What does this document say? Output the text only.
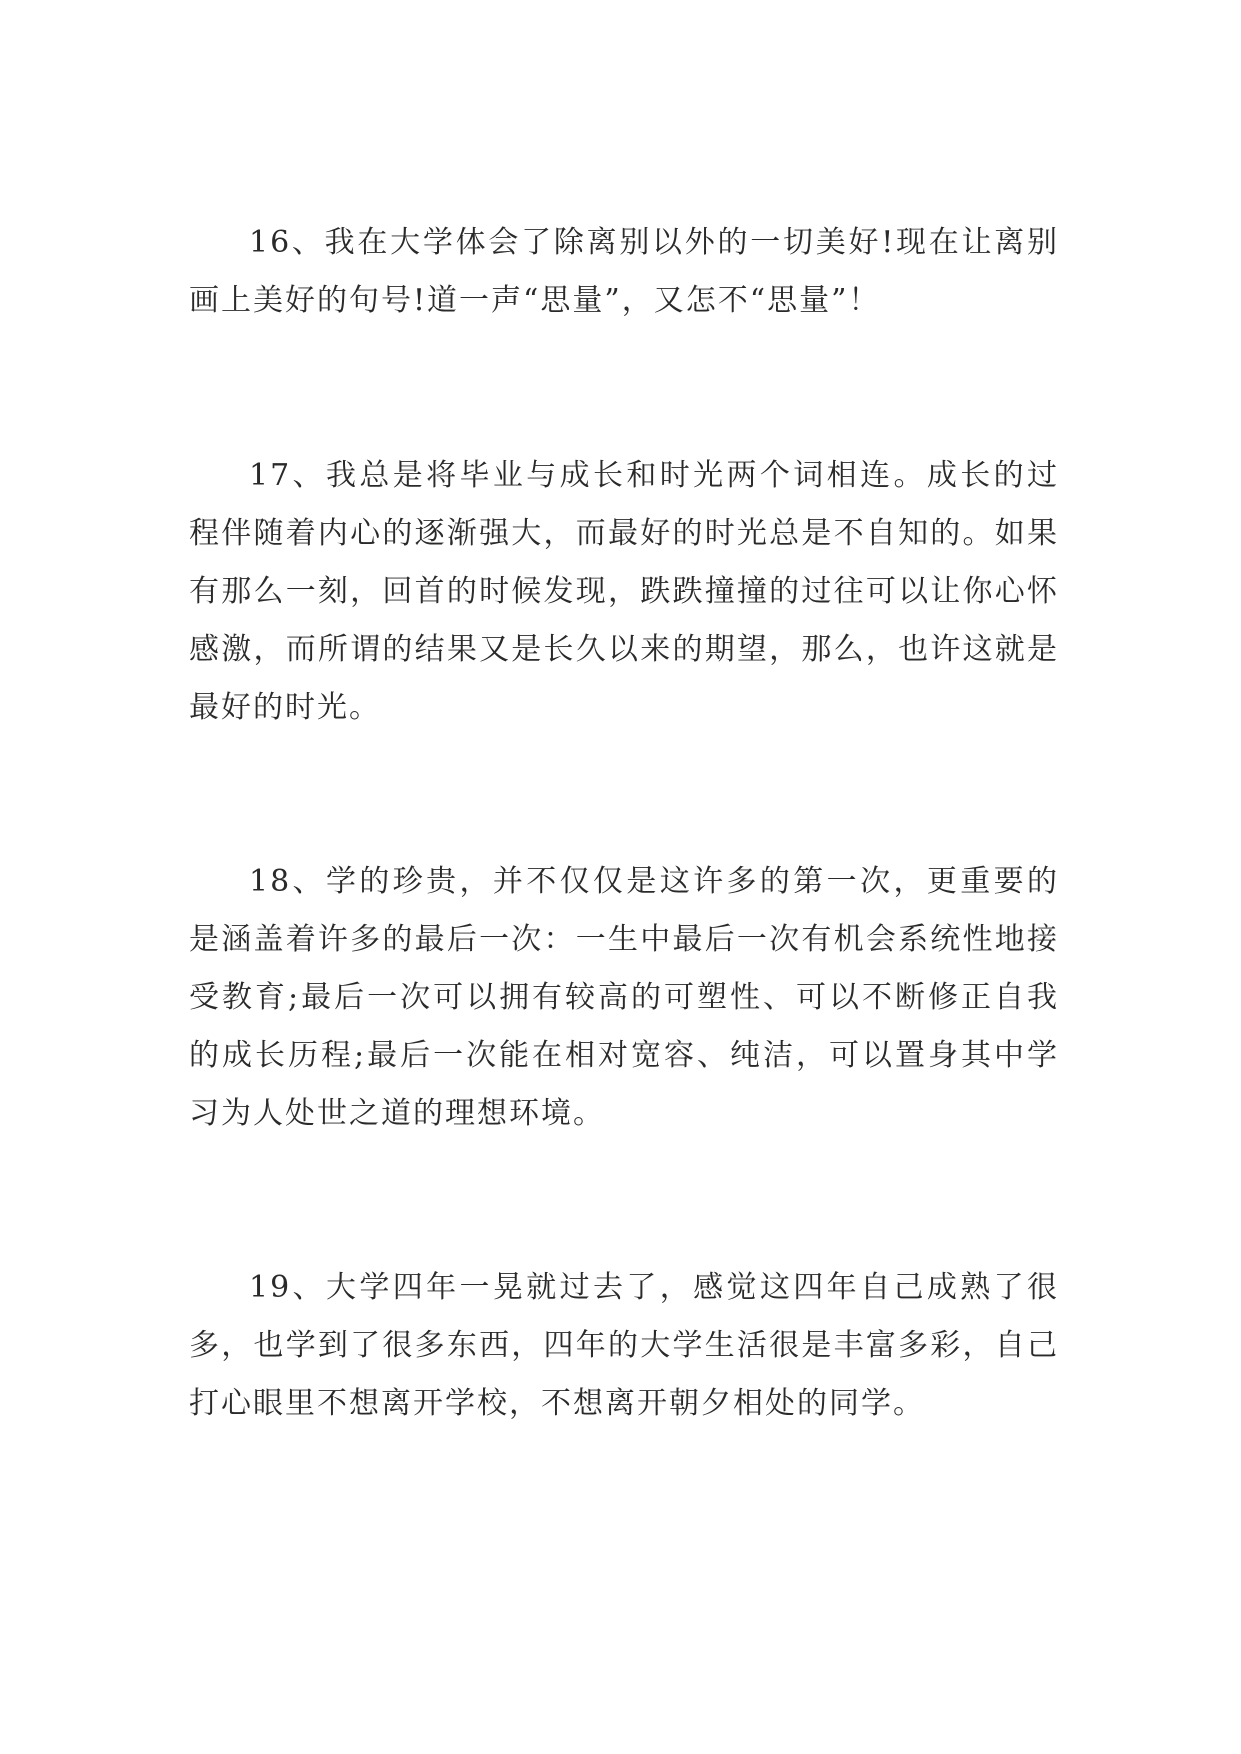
16、我在大学体会了除离别以外的一切美好!现在让离别画上美好的句号!道一声“思量”，又怎不“思量”！

17、我总是将毕业与成长和时光两个词相连。成长的过程伴随着内心的逐渐强大，而最好的时光总是不自知的。如果有那么一刻，回首的时候发现，跌跌撞撞的过往可以让你心怀感激，而所谓的结果又是长久以来的期望，那么，也许这就是最好的时光。

18、学的珍贵，并不仅仅是这许多的第一次，更重要的是涵盖着许多的最后一次：一生中最后一次有机会系统性地接受教育;最后一次可以拥有较高的可塑性、可以不断修正自我的成长历程;最后一次能在相对宽容、纯洁，可以置身其中学习为人处世之道的理想环境。

19、大学四年一晃就过去了，感觉这四年自己成熟了很多，也学到了很多东西，四年的大学生活很是丰富多彩，自己打心眼里不想离开学校，不想离开朝夕相处的同学。
